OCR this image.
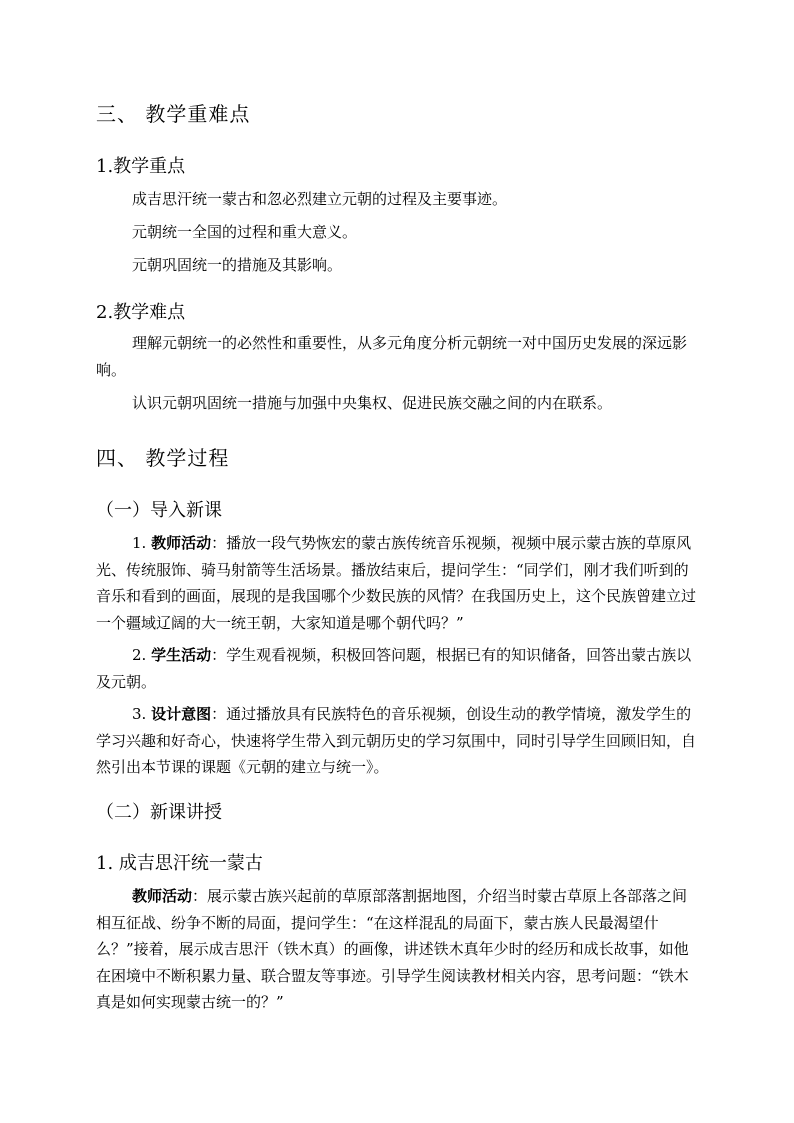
三、 教学重难点
1.教学重点

成吉思汗统一蒙古和忽必烈建立元朝的过程及主要事迹。

元朝统一全国的过程和重大意义。

元朝巩固统一的措施及其影响。

2.教学难点

理解元朝统一的必然性和重要性，从多元角度分析元朝统一对中国历史发展的深远影响。

认识元朝巩固统一措施与加强中央集权、促进民族交融之间的内在联系。

四、 教学过程
（一）导入新课

1. 教师活动：播放一段气势恢宏的蒙古族传统音乐视频，视频中展示蒙古族的草原风光、传统服饰、骑马射箭等生活场景。播放结束后，提问学生：“同学们，刚才我们听到的音乐和看到的画面，展现的是我国哪个少数民族的风情？在我国历史上，这个民族曾建立过一个疆域辽阔的大一统王朝，大家知道是哪个朝代吗？”

2. 学生活动：学生观看视频，积极回答问题，根据已有的知识储备，回答出蒙古族以及元朝。

3. 设计意图：通过播放具有民族特色的音乐视频，创设生动的教学情境，激发学生的学习兴趣和好奇心，快速将学生带入到元朝历史的学习氛围中，同时引导学生回顾旧知，自然引出本节课的课题《元朝的建立与统一》。

（二）新课讲授
1. 成吉思汗统一蒙古

教师活动：展示蒙古族兴起前的草原部落割据地图，介绍当时蒙古草原上各部落之间相互征战、纷争不断的局面，提问学生：“在这样混乱的局面下，蒙古族人民最渴望什么？”接着，展示成吉思汗（铁木真）的画像，讲述铁木真年少时的经历和成长故事，如他在困境中不断积累力量、联合盟友等事迹。引导学生阅读教材相关内容，思考问题：“铁木真是如何实现蒙古统一的？”
